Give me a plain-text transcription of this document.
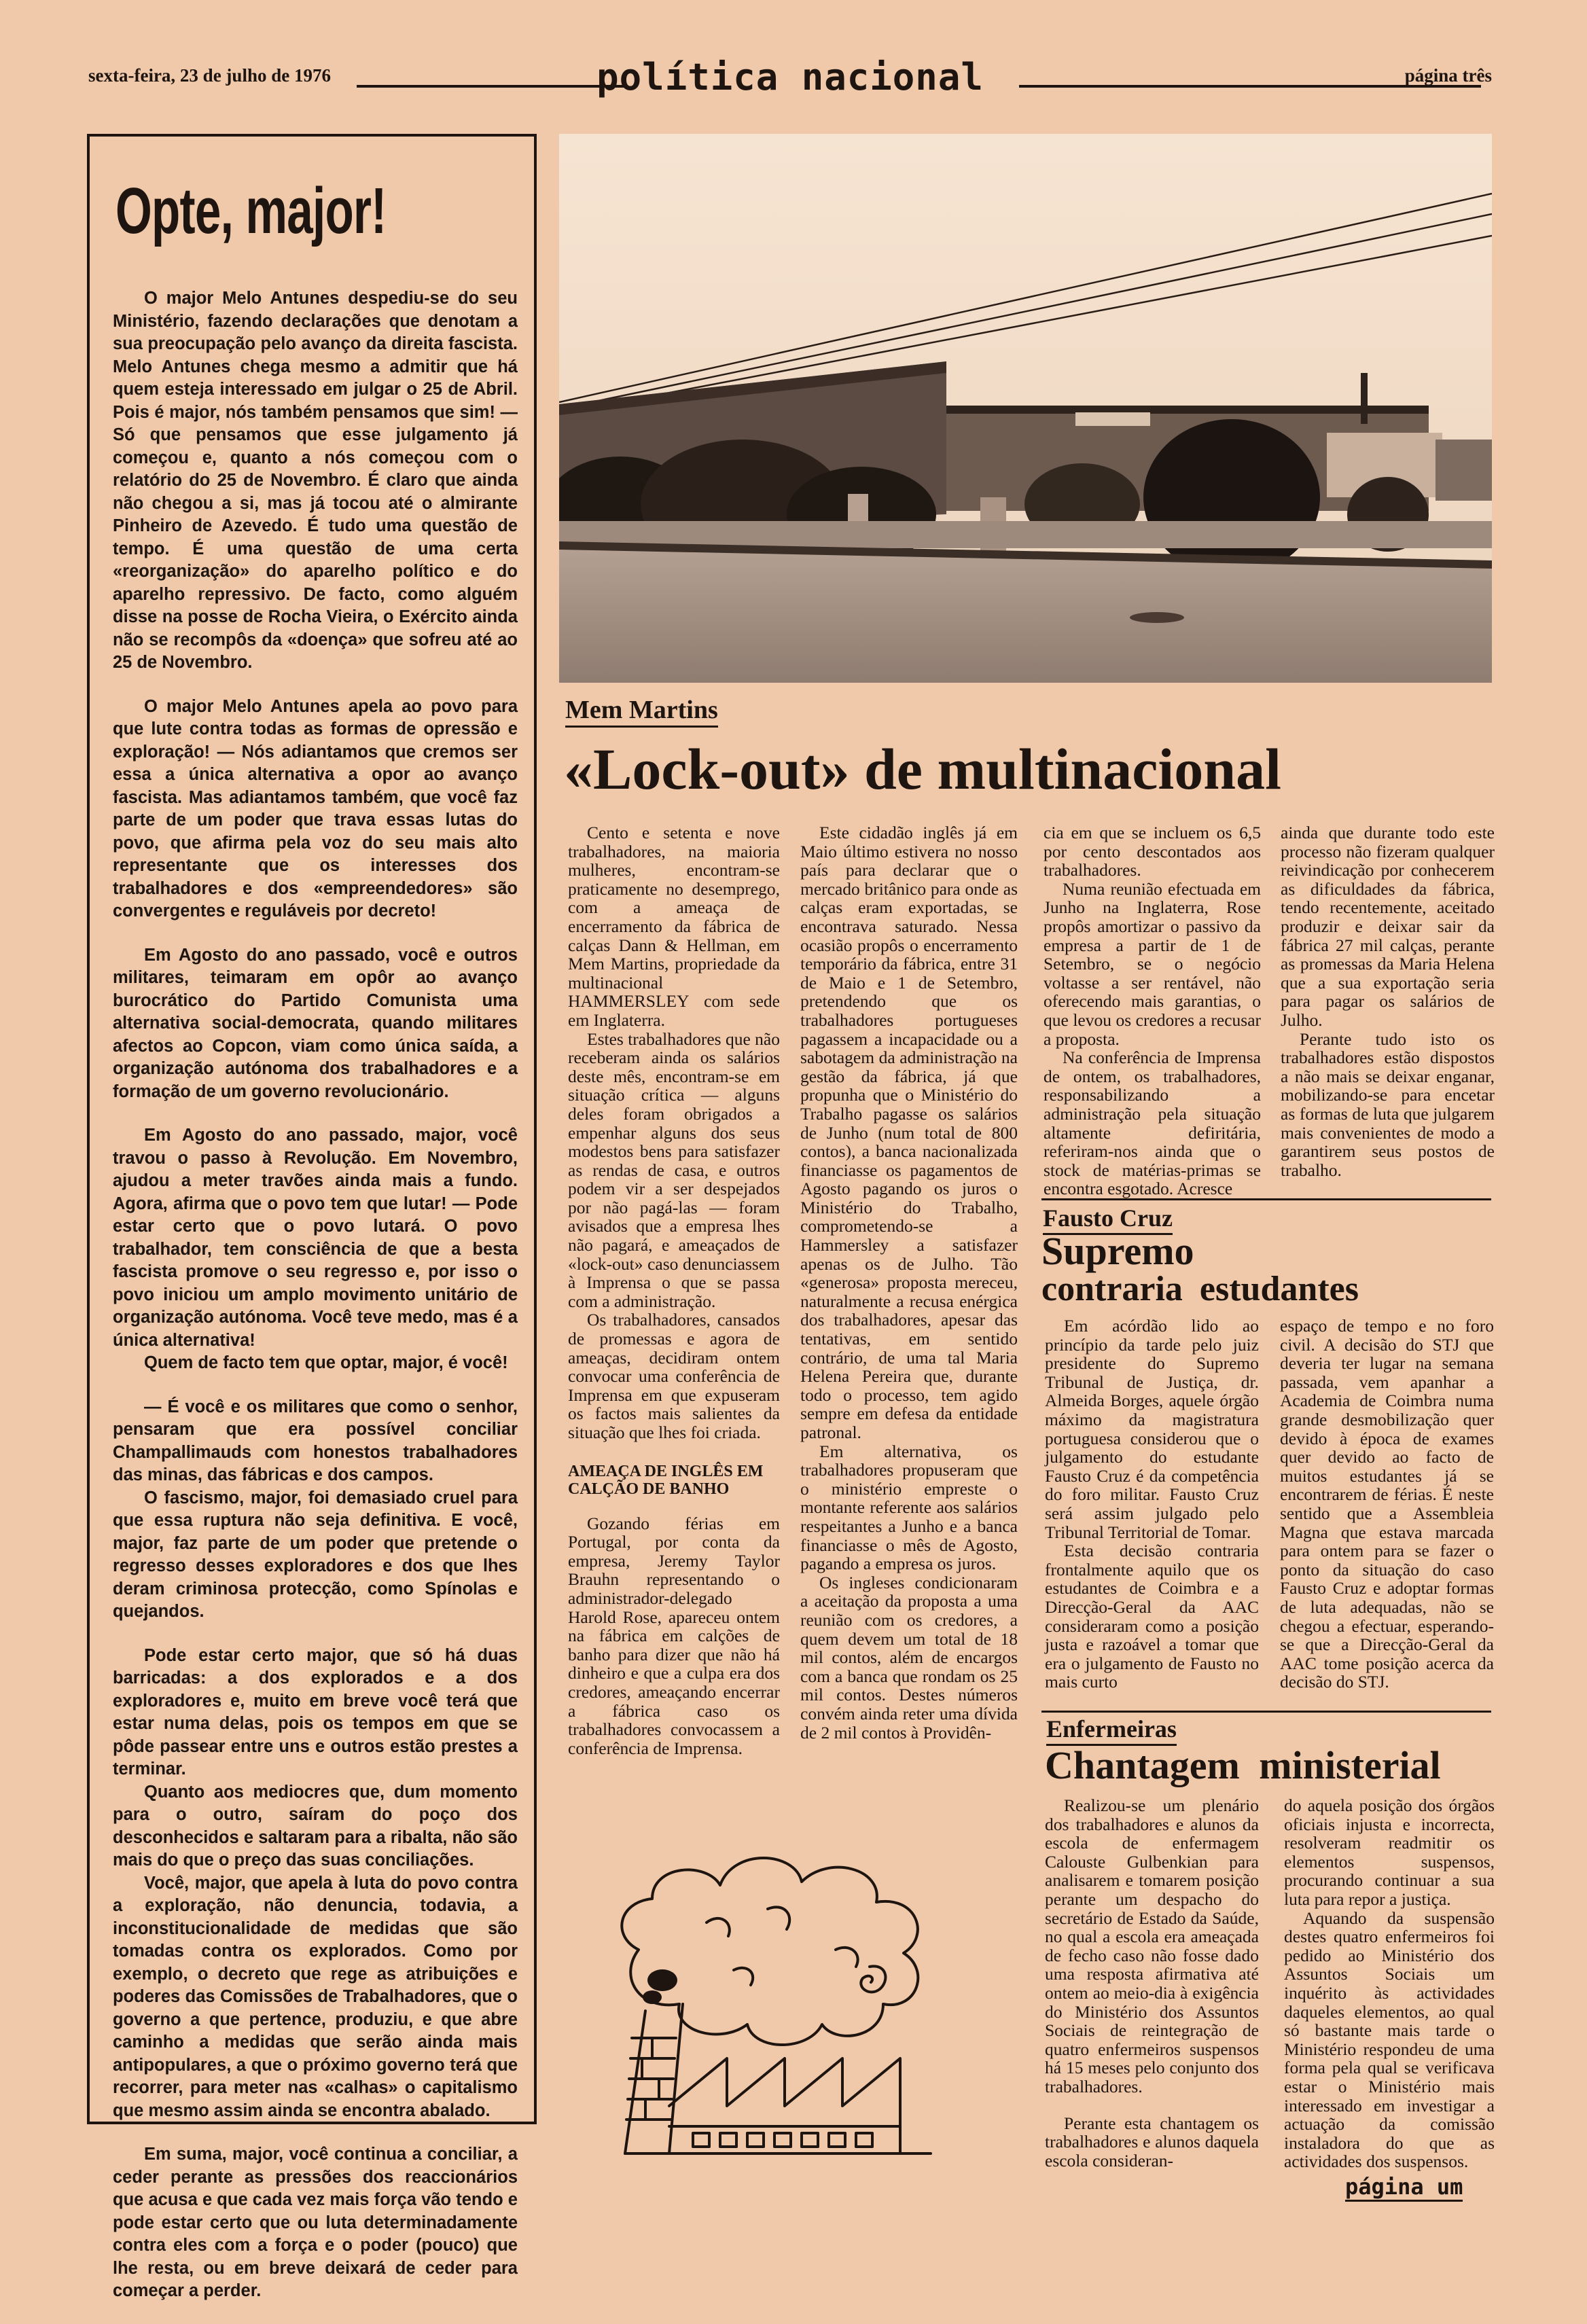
sexta-feira, 23 de julho de 1976	política nacional	página três
Opte, major!

O major Melo Antunes despediu-se do seu Ministério, fazendo declarações que denotam a sua preocupação pelo avanço da direita fascista. Melo Antunes chega mesmo a admitir que há quem esteja interessado em julgar o 25 de Abril. Pois é major, nós também pensamos que sim! — Só que pensamos que esse julgamento já começou e, quanto a nós começou com o relatório do 25 de Novembro. É claro que ainda não chegou a si, mas já tocou até o almirante Pinheiro de Azevedo. É tudo uma questão de tempo. É uma questão de uma certa «reorganização» do aparelho político e do aparelho repressivo. De facto, como alguém disse na posse de Rocha Vieira, o Exército ainda não se recompôs da «doença» que sofreu até ao 25 de Novembro.

O major Melo Antunes apela ao povo para que lute contra todas as formas de opressão e exploração! — Nós adiantamos que cremos ser essa a única alternativa a opor ao avanço fascista. Mas adiantamos também, que você faz parte de um poder que trava essas lutas do povo, que afirma pela voz do seu mais alto representante que os interesses dos trabalhadores e dos «empreendedores» são convergentes e reguláveis por decreto!

Em Agosto do ano passado, você e outros militares, teimaram em opôr ao avanço burocrático do Partido Comunista uma alternativa social-democrata, quando militares afectos ao Copcon, viam como única saída, a organização autónoma dos trabalhadores e a formação de um governo revolucionário.

Em Agosto do ano passado, major, você travou o passo à Revolução. Em Novembro, ajudou a meter travões ainda mais a fundo. Agora, afirma que o povo tem que lutar! — Pode estar certo que o povo lutará. O povo trabalhador, tem consciência de que a besta fascista promove o seu regresso e, por isso o povo iniciou um amplo movimento unitário de organização autónoma. Você teve medo, mas é a única alternativa!

Quem de facto tem que optar, major, é você!

— É você e os militares que como o senhor, pensaram que era possível conciliar Champallimauds com honestos trabalhadores das minas, das fábricas e dos campos.

O fascismo, major, foi demasiado cruel para que essa ruptura não seja definitiva. E você, major, faz parte de um poder que pretende o regresso desses exploradores e dos que lhes deram criminosa protecção, como Spínolas e quejandos.

Pode estar certo major, que só há duas barricadas: a dos explorados e a dos exploradores e, muito em breve você terá que estar numa delas, pois os tempos em que se pôde passear entre uns e outros estão prestes a terminar.

Quanto aos mediocres que, dum momento para o outro, saíram do poço dos desconhecidos e saltaram para a ribalta, não são mais do que o preço das suas conciliações.

Você, major, que apela à luta do povo contra a exploração, não denuncia, todavia, a inconstitucionalidade de medidas que são tomadas contra os explorados. Como por exemplo, o decreto que rege as atribuições e poderes das Comissões de Trabalhadores, que o governo a que pertence, produziu, e que abre caminho a medidas que serão ainda mais antipopulares, a que o próximo governo terá que recorrer, para meter nas «calhas» o capitalismo que mesmo assim ainda se encontra abalado.

Em suma, major, você continua a conciliar, a ceder perante as pressões dos reaccionários que acusa e que cada vez mais força vão tendo e pode estar certo que ou luta determinadamente contra eles com a força e o poder (pouco) que lhe resta, ou em breve deixará de ceder para começar a perder.

Mem Martins
«Lock-out» de multinacional

Cento e setenta e nove trabalhadores, na maioria mulheres, encontram-se praticamente no desemprego, com a ameaça de encerramento da fábrica de calças Dann & Hellman, em Mem Martins, propriedade da multinacional HAMMERSLEY com sede em Inglaterra.

Estes trabalhadores que não receberam ainda os salários deste mês, encontram-se em situação crítica — alguns deles foram obrigados a empenhar alguns dos seus modestos bens para satisfazer as rendas de casa, e outros podem vir a ser despejados por não pagá-las — foram avisados que a empresa lhes não pagará, e ameaçados de «lock-out» caso denunciassem à Imprensa o que se passa com a administração.

Os trabalhadores, cansados de promessas e agora de ameaças, decidiram ontem convocar uma conferência de Imprensa em que expuseram os factos mais salientes da situação que lhes foi criada.

AMEAÇA DE INGLÊS EM CALÇÃO DE BANHO

Gozando férias em Portugal, por conta da empresa, Jeremy Taylor Brauhn representando o administrador-delegado Harold Rose, apareceu ontem na fábrica em calções de banho para dizer que não há dinheiro e que a culpa era dos credores, ameaçando encerrar a fábrica caso os trabalhadores convocassem a conferência de Imprensa.

Este cidadão inglês já em Maio último estivera no nosso país para declarar que o mercado britânico para onde as calças eram exportadas, se encontrava saturado. Nessa ocasião propôs o encerramento temporário da fábrica, entre 31 de Maio e 1 de Setembro, pretendendo que os trabalhadores portugueses pagassem a incapacidade ou a sabotagem da administração na gestão da fábrica, já que propunha que o Ministério do Trabalho pagasse os salários de Junho (num total de 800 contos), a banca nacionalizada financiasse os pagamentos de Agosto pagando os juros o Ministério do Trabalho, comprometendo-se a Hammersley a satisfazer apenas os de Julho. Tão «generosa» proposta mereceu, naturalmente a recusa enérgica dos trabalhadores, apesar das tentativas, em sentido contrário, de uma tal Maria Helena Pereira que, durante todo o processo, tem agido sempre em defesa da entidade patronal.

Em alternativa, os trabalhadores propuseram que o ministério empreste o montante referente aos salários respeitantes a Junho e a banca financiasse o mês de Agosto, pagando a empresa os juros.

Os ingleses condicionaram a aceitação da proposta a uma reunião com os credores, a quem devem um total de 18 mil contos, além de encargos com a banca que rondam os 25 mil contos. Destes números convém ainda reter uma dívida de 2 mil contos à Providên-

cia em que se incluem os 6,5 por cento descontados aos trabalhadores.

Numa reunião efectuada em Junho na Inglaterra, Rose propôs amortizar o passivo da empresa a partir de 1 de Setembro, se o negócio voltasse a ser rentável, não oferecendo mais garantias, o que levou os credores a recusar a proposta.

Na conferência de Imprensa de ontem, os trabalhadores, responsabilizando a administração pela situação altamente defiritária, referiram-nos ainda que o stock de matérias-primas se encontra esgotado. Acresce

ainda que durante todo este processo não fizeram qualquer reivindicação por conhecerem as dificuldades da fábrica, tendo recentemente, aceitado produzir e deixar sair da fábrica 27 mil calças, perante as promessas da Maria Helena que a sua exportação seria para pagar os salários de Julho.

Perante tudo isto os trabalhadores estão dispostos a não mais se deixar enganar, mobilizando-se para encetar as formas de luta que julgarem mais convenientes de modo a garantirem seus postos de trabalho.

Fausto Cruz
Supremo
contraria estudantes

Em acórdão lido ao princípio da tarde pelo juiz presidente do Supremo Tribunal de Justiça, dr. Almeida Borges, aquele órgão máximo da magistratura portuguesa considerou que o julgamento do estudante Fausto Cruz é da competência do foro militar. Fausto Cruz será assim julgado pelo Tribunal Territorial de Tomar.

Esta decisão contraria frontalmente aquilo que os estudantes de Coimbra e a Direcção-Geral da AAC consideraram como a posição justa e razoável a tomar que era o julgamento de Fausto no mais curto

espaço de tempo e no foro civil. A decisão do STJ que deveria ter lugar na semana passada, vem apanhar a Academia de Coimbra numa grande desmobilização quer devido à época de exames quer devido ao facto de muitos estudantes já se encontrarem de férias. É neste sentido que a Assembleia Magna que estava marcada para ontem para se fazer o ponto da situação do caso Fausto Cruz e adoptar formas de luta adequadas, não se chegou a efectuar, esperando-se que a Direcção-Geral da AAC tome posição acerca da decisão do STJ.

Enfermeiras
Chantagem ministerial

Realizou-se um plenário dos trabalhadores e alunos da escola de enfermagem Calouste Gulbenkian para analisarem e tomarem posição perante um despacho do secretário de Estado da Saúde, no qual a escola era ameaçada de fecho caso não fosse dado uma resposta afirmativa até ontem ao meio-dia à exigência do Ministério dos Assuntos Sociais de reintegração de quatro enfermeiros suspensos há 15 meses pelo conjunto dos trabalhadores.

Perante esta chantagem os trabalhadores e alunos daquela escola consideran-

do aquela posição dos órgãos oficiais injusta e incorrecta, resolveram readmitir os elementos suspensos, procurando continuar a sua luta para repor a justiça.

Aquando da suspensão destes quatro enfermeiros foi pedido ao Ministério dos Assuntos Sociais um inquérito às actividades daqueles elementos, ao qual só bastante mais tarde o Ministério respondeu de uma forma pela qual se verificava estar o Ministério mais interessado em investigar a actuação da comissão instaladora do que as actividades dos suspensos.

página um
